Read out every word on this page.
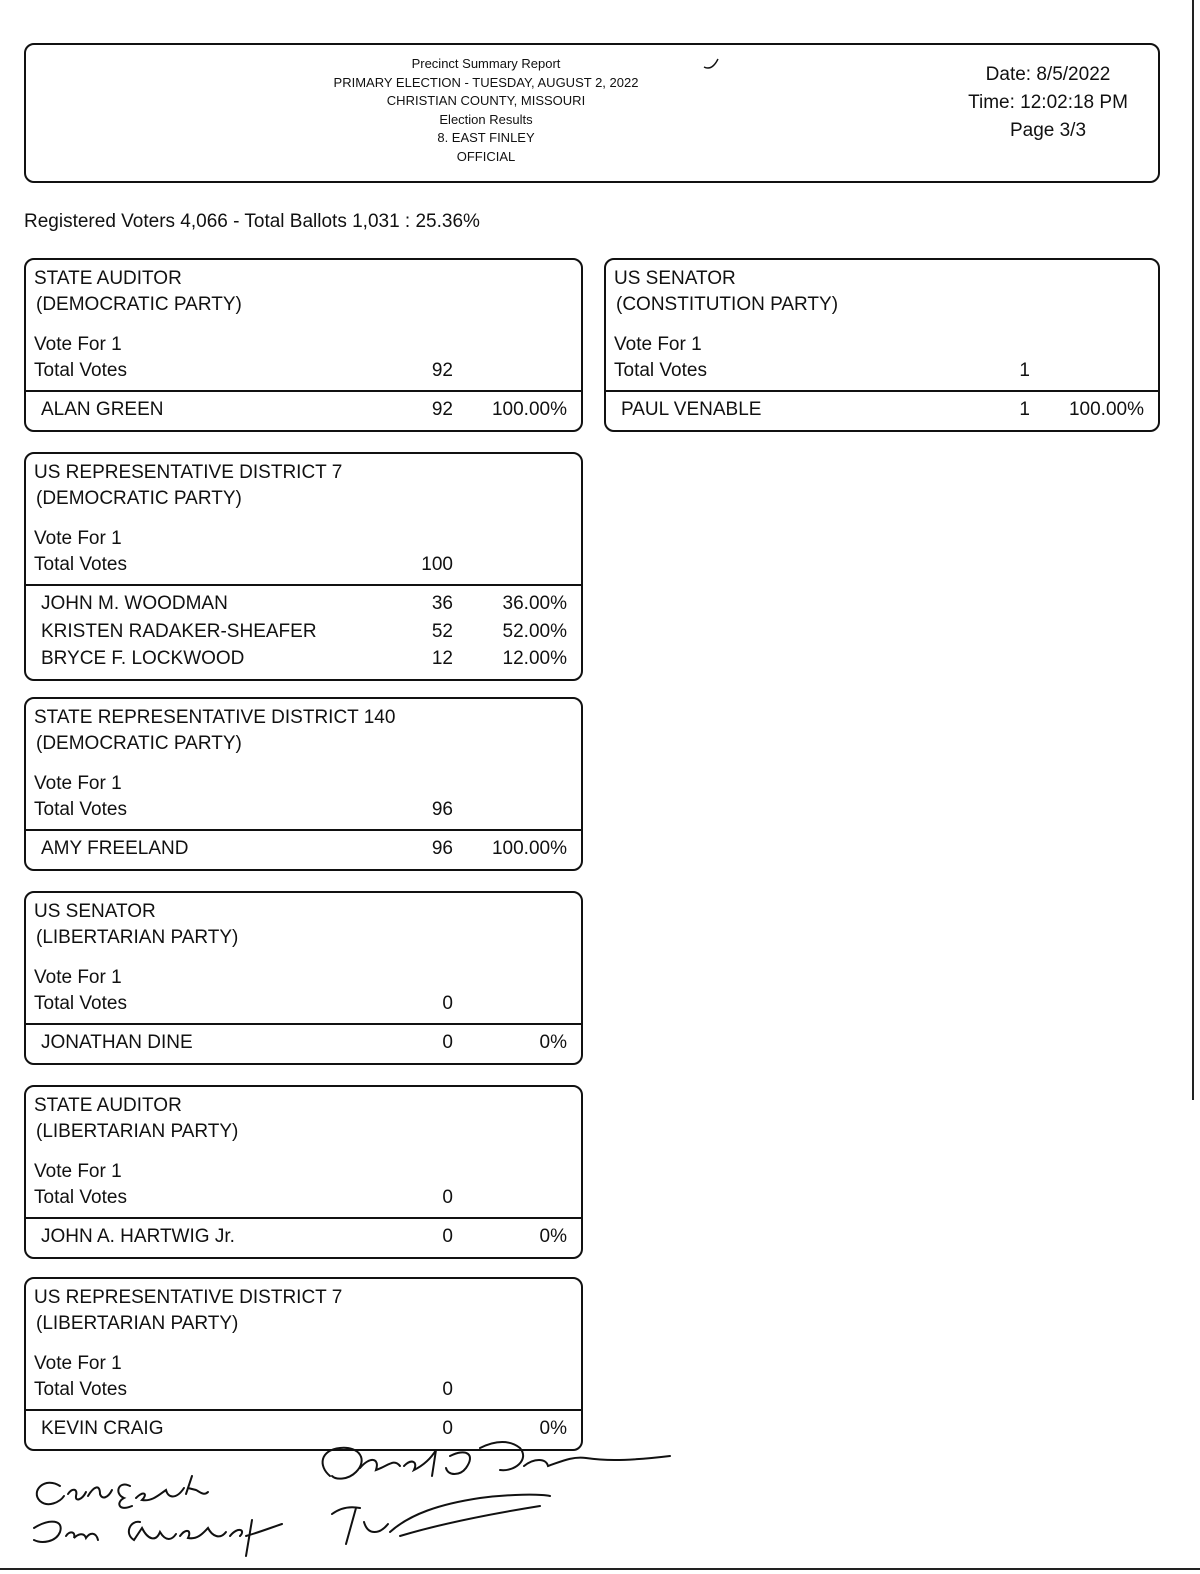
Precinct Summary Report
PRIMARY ELECTION - TUESDAY, AUGUST 2, 2022
CHRISTIAN COUNTY, MISSOURI
Election Results
8. EAST FINLEY
OFFICIAL
Date: 8/5/2022
Time: 12:02:18 PM
Page 3/3
Registered Voters 4,066 - Total Ballots 1,031 : 25.36%
STATE AUDITOR
(DEMOCRATIC PARTY)
Vote For 1
Total Votes	92
ALAN GREEN	92 100.00%
US REPRESENTATIVE DISTRICT 7
(DEMOCRATIC PARTY)
Vote For 1
Total Votes	100
JOHN M. WOODMAN	36	36.00%
KRISTEN RADAKER-SHEAFER	52	52.00%
BRYCE F. LOCKWOOD	12	12.00%
STATE REPRESENTATIVE DISTRICT 140
(DEMOCRATIC PARTY)
Vote For 1
Total Votes	96
AMY FREELAND	96 100.00%
US SENATOR
(LIBERTARIAN PARTY)
Vote For 1
Total Votes	0
JONATHAN DINE	0	0%
STATE AUDITOR
(LIBERTARIAN PARTY)
Vote For 1
Total Votes	0
JOHN A. HARTWIG Jr.	0	0%
US REPRESENTATIVE DISTRICT 7
(LIBERTARIAN PARTY)
Vote For 1
Total Votes	0
KEVIN CRAIG	0	0%
US SENATOR
(CONSTITUTION PARTY)
Vote For 1
Total Votes	1
PAUL VENABLE	1 100.00%
